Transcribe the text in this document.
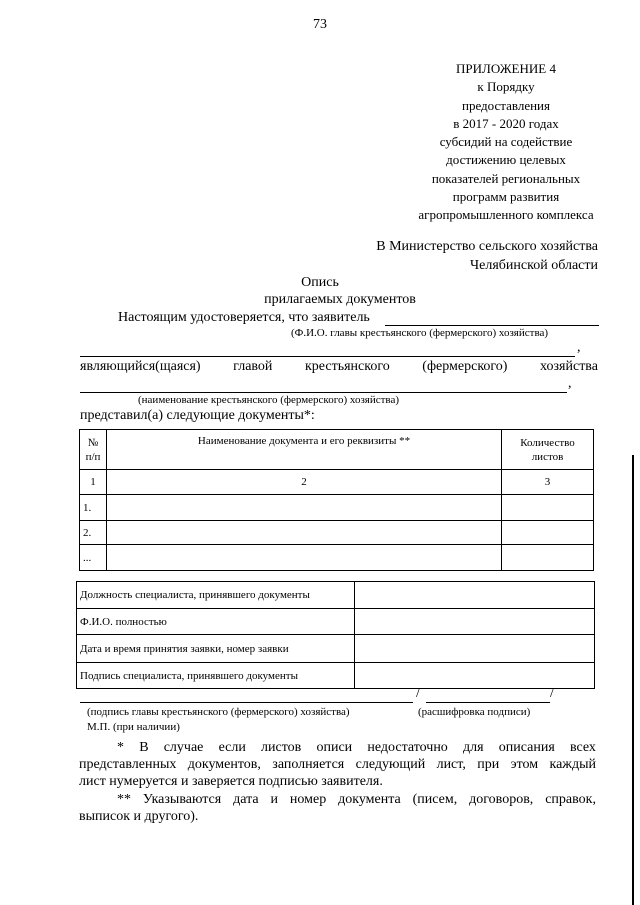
73
ПРИЛОЖЕНИЕ 4
к Порядку
предоставления
в 2017 - 2020 годах
субсидий на содействие
достижению целевых
показателей региональных
программ развития
агропромышленного комплекса
В Министерство сельского хозяйства
Челябинской области
Опись
прилагаемых документов
Настоящим удостоверяется, что заявитель
(Ф.И.О. главы крестьянского (фермерского) хозяйства)
,
являющийся(щаяся) главой крестьянского (фермерского) хозяйства
,
(наименование крестьянского (фермерского) хозяйства)
представил(а) следующие документы*:
№
п/п	Наименование документа и его реквизиты **	Количество
листов
1	2	3
1.		
2.		
...		
Должность специалиста, принявшего документы	
Ф.И.О. полностью	
Дата и время принятия заявки, номер заявки	
Подпись специалиста, принявшего документы	
/	/
(подпись главы крестьянского (фермерского) хозяйства)	(расшифровка подписи)
М.П. (при наличии)
* В случае если листов описи недостаточно для описания всех
представленных документов, заполняется следующий лист, при этом каждый
лист нумеруется и заверяется подписью заявителя.
** Указываются дата и номер документа (писем, договоров, справок,
выписок и другого).
